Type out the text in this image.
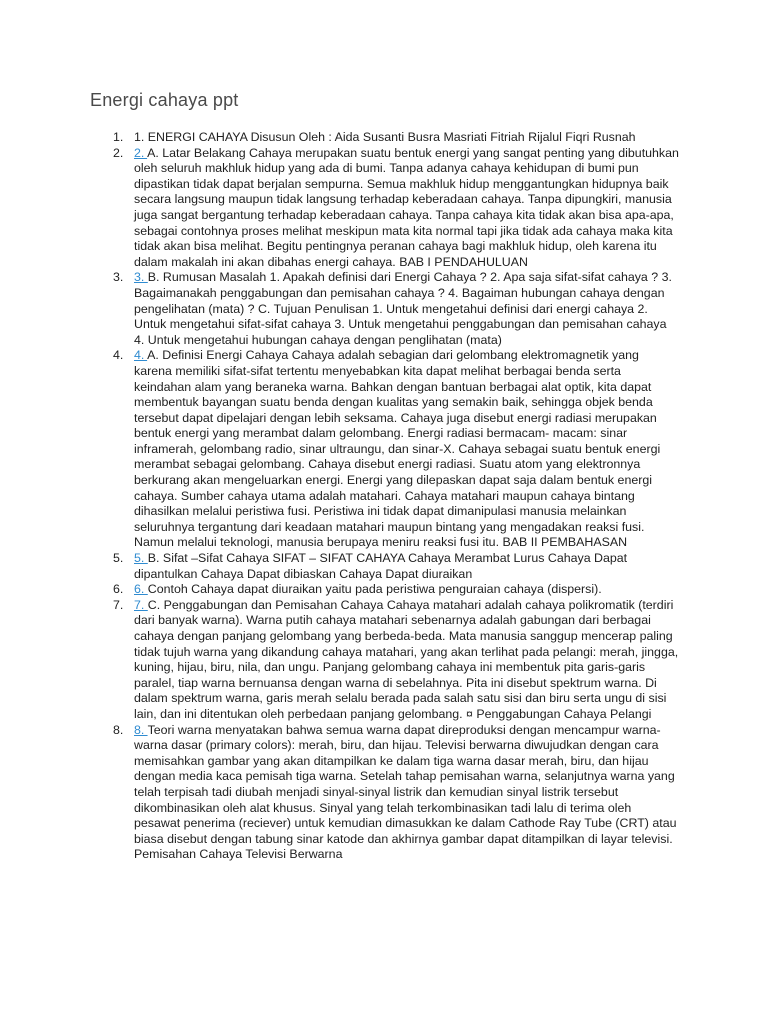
Energi cahaya ppt
1. 1. ENERGI CAHAYA Disusun Oleh : Aida Susanti Busra Masriati Fitriah Rijalul Fiqri Rusnah
2. 2. A. Latar Belakang Cahaya merupakan suatu bentuk energi yang sangat penting yang dibutuhkan oleh seluruh makhluk hidup yang ada di bumi. Tanpa adanya cahaya kehidupan di bumi pun dipastikan tidak dapat berjalan sempurna. Semua makhluk hidup menggantungkan hidupnya baik secara langsung maupun tidak langsung terhadap keberadaan cahaya. Tanpa dipungkiri, manusia juga sangat bergantung terhadap keberadaan cahaya. Tanpa cahaya kita tidak akan bisa apa-apa, sebagai contohnya proses melihat meskipun mata kita normal tapi jika tidak ada cahaya maka kita tidak akan bisa melihat. Begitu pentingnya peranan cahaya bagi makhluk hidup, oleh karena itu dalam makalah ini akan dibahas energi cahaya. BAB I PENDAHULUAN
3. 3. B. Rumusan Masalah 1. Apakah definisi dari Energi Cahaya ? 2. Apa saja sifat-sifat cahaya ? 3. Bagaimanakah penggabungan dan pemisahan cahaya ? 4. Bagaiman hubungan cahaya dengan pengelihatan (mata) ? C. Tujuan Penulisan 1. Untuk mengetahui definisi dari energi cahaya 2. Untuk mengetahui sifat-sifat cahaya 3. Untuk mengetahui penggabungan dan pemisahan cahaya 4. Untuk mengetahui hubungan cahaya dengan penglihatan (mata)
4. 4. A. Definisi Energi Cahaya Cahaya adalah sebagian dari gelombang elektromagnetik yang karena memiliki sifat-sifat tertentu menyebabkan kita dapat melihat berbagai benda serta keindahan alam yang beraneka warna. Bahkan dengan bantuan berbagai alat optik, kita dapat membentuk bayangan suatu benda dengan kualitas yang semakin baik, sehingga objek benda tersebut dapat dipelajari dengan lebih seksama. Cahaya juga disebut energi radiasi merupakan bentuk energi yang merambat dalam gelombang. Energi radiasi bermacam- macam: sinar inframerah, gelombang radio, sinar ultraungu, dan sinar-X. Cahaya sebagai suatu bentuk energi merambat sebagai gelombang. Cahaya disebut energi radiasi. Suatu atom yang elektronnya berkurang akan mengeluarkan energi. Energi yang dilepaskan dapat saja dalam bentuk energi cahaya. Sumber cahaya utama adalah matahari. Cahaya matahari maupun cahaya bintang dihasilkan melalui peristiwa fusi. Peristiwa ini tidak dapat dimanipulasi manusia melainkan seluruhnya tergantung dari keadaan matahari maupun bintang yang mengadakan reaksi fusi. Namun melalui teknologi, manusia berupaya meniru reaksi fusi itu. BAB II PEMBAHASAN
5. 5. B. Sifat –Sifat Cahaya SIFAT – SIFAT CAHAYA Cahaya Merambat Lurus Cahaya Dapat dipantulkan Cahaya Dapat dibiaskan Cahaya Dapat diuraikan
6. 6. Contoh Cahaya dapat diuraikan yaitu pada peristiwa penguraian cahaya (dispersi).
7. 7. C. Penggabungan dan Pemisahan Cahaya Cahaya matahari adalah cahaya polikromatik (terdiri dari banyak warna). Warna putih cahaya matahari sebenarnya adalah gabungan dari berbagai cahaya dengan panjang gelombang yang berbeda-beda. Mata manusia sanggup mencerap paling tidak tujuh warna yang dikandung cahaya matahari, yang akan terlihat pada pelangi: merah, jingga, kuning, hijau, biru, nila, dan ungu. Panjang gelombang cahaya ini membentuk pita garis-garis paralel, tiap warna bernuansa dengan warna di sebelahnya. Pita ini disebut spektrum warna. Di dalam spektrum warna, garis merah selalu berada pada salah satu sisi dan biru serta ungu di sisi lain, dan ini ditentukan oleh perbedaan panjang gelombang. ¤ Penggabungan Cahaya Pelangi
8. 8. Teori warna menyatakan bahwa semua warna dapat direproduksi dengan mencampur warna-warna dasar (primary colors): merah, biru, dan hijau. Televisi berwarna diwujudkan dengan cara memisahkan gambar yang akan ditampilkan ke dalam tiga warna dasar merah, biru, dan hijau dengan media kaca pemisah tiga warna. Setelah tahap pemisahan warna, selanjutnya warna yang telah terpisah tadi diubah menjadi sinyal-sinyal listrik dan kemudian sinyal listrik tersebut dikombinasikan oleh alat khusus. Sinyal yang telah terkombinasikan tadi lalu di terima oleh pesawat penerima (reciever) untuk kemudian dimasukkan ke dalam Cathode Ray Tube (CRT) atau biasa disebut dengan tabung sinar katode dan akhirnya gambar dapat ditampilkan di layar televisi. Pemisahan Cahaya Televisi Berwarna
